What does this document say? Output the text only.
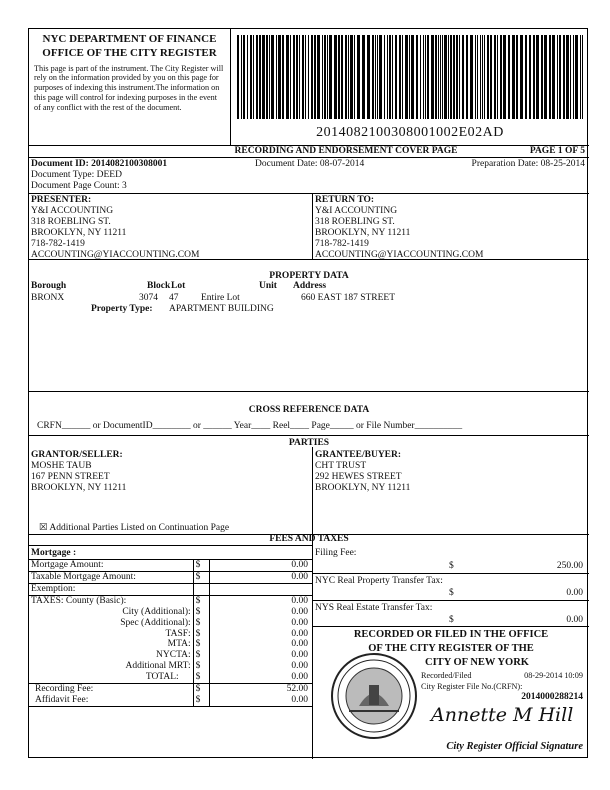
NYC DEPARTMENT OF FINANCE
OFFICE OF THE CITY REGISTER
This page is part of the instrument. The City Register will rely on the information provided by you on this page for purposes of indexing this instrument.The information on this page will control for indexing purposes in the event of any conflict with the rest of the document.
2014082100308001002E02AD
RECORDING AND ENDORSEMENT COVER PAGE	PAGE 1 OF 5
Document ID: 2014082100308001	Document Date: 08-07-2014	Preparation Date: 08-25-2014
Document Type: DEED
Document Page Count: 3
PRESENTER:
Y&I ACCOUNTING
318 ROEBLING ST.
BROOKLYN, NY 11211
718-782-1419
ACCOUNTING@YIACCOUNTING.COM
RETURN TO:
Y&I ACCOUNTING
318 ROEBLING ST.
BROOKLYN, NY 11211
718-782-1419
ACCOUNTING@YIACCOUNTING.COM
PROPERTY DATA
Borough	Block Lot	Unit Address
BRONX	3074 47 Entire Lot	660 EAST 187 STREET
Property Type: APARTMENT BUILDING
CROSS REFERENCE DATA
CRFN______ or DocumentID________ or ______ Year____ Reel____ Page_____ or File Number__________
PARTIES
GRANTOR/SELLER:
MOSHE TAUB
167 PENN STREET
BROOKLYN, NY 11211
GRANTEE/BUYER:
CHT TRUST
292 HEWES STREET
BROOKLYN, NY 11211
☒ Additional Parties Listed on Continuation Page
FEES AND TAXES
Mortgage :
Mortgage Amount:	$	0.00
Taxable Mortgage Amount:	$	0.00
Exemption:		
TAXES: County (Basic):	$	0.00
City (Additional):	$	0.00
Spec (Additional):	$	0.00
TASF:	$	0.00
MTA:	$	0.00
NYCTA:	$	0.00
Additional MRT:	$	0.00
TOTAL:	$	0.00
Recording Fee:	$	52.00
Affidavit Fee:	$	0.00
Filing Fee:
$	250.00
NYC Real Property Transfer Tax:
$	0.00
NYS Real Estate Transfer Tax:
$	0.00
RECORDED OR FILED IN THE OFFICE
OF THE CITY REGISTER OF THE
CITY OF NEW YORK
Recorded/Filed	08-29-2014 10:09
City Register File No.(CRFN):
2014000288214
Annette M Hill
City Register Official Signature
